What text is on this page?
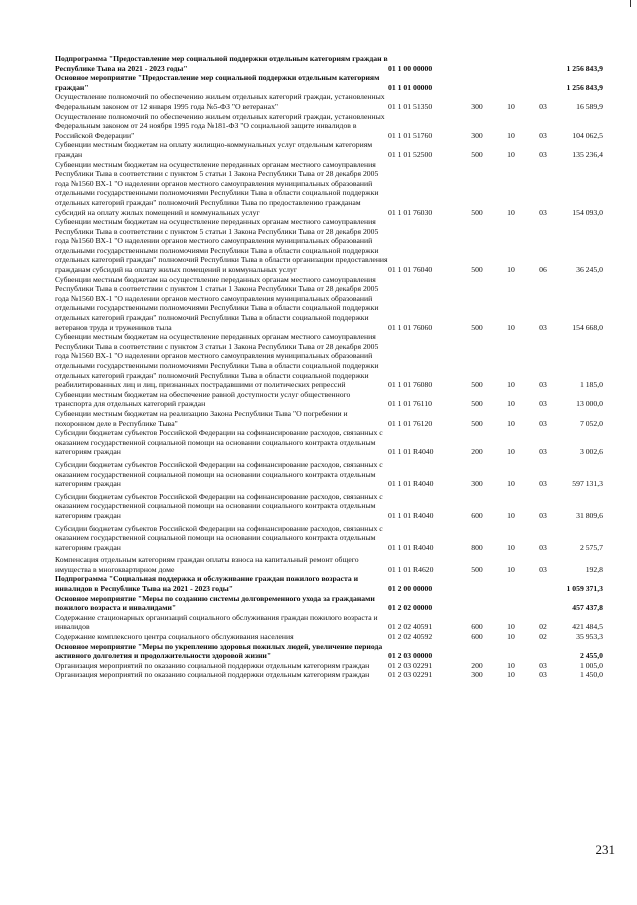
Подпрограмма "Предоставление мер социальной поддержки отдельным категориям граждан в Республике Тыва на 2021 - 2023 годы"	01 1 00 00000				1 256 843,9
Основное мероприятие "Предоставление мер социальной поддержки отдельным категориям граждан"	01 1 01 00000				1 256 843,9
Осуществление полномочий по обеспечению жильем отдельных категорий граждан, установленных Федеральным законом от 12 января 1995 года №5-ФЗ "О ветеранах"	01 1 01 51350	300	10	03	16 589,9
Осуществление полномочий по обеспечению жильем отдельных категорий граждан, установленных Федеральным законом от 24 ноября 1995 года №181-ФЗ "О социальной защите инвалидов в Российской Федерации"	01 1 01 51760	300	10	03	104 062,5
Субвенции местным бюджетам на оплату жилищно-коммунальных услуг отдельным категориям граждан	01 1 01 52500	500	10	03	135 236,4
Субвенции местным бюджетам на осуществление переданных органам местного самоуправления Республики Тыва в соответствии с пунктом 5 статьи 1 Закона Республики Тыва от 28 декабря 2005 года №1560 ВХ-1 "О наделении органов местного самоуправления муниципальных образований отдельными государственными полномочиями Республики Тыва в области социальной поддержки отдельных категорий граждан" полномочий Республики Тыва по предоставлению гражданам субсидий на оплату жилых помещений и коммунальных услуг	01 1 01 76030	500	10	03	154 093,0
Субвенции местным бюджетам на осуществление переданных органам местного самоуправления Республики Тыва в соответствии с пунктом 5 статьи 1 Закона Республики Тыва от 28 декабря 2005 года №1560 ВХ-1 "О наделении органов местного самоуправления муниципальных образований отдельными государственными полномочиями Республики Тыва в области социальной поддержки отдельных категорий граждан" полномочий Республики Тыва в области организации предоставления гражданам субсидий на оплату жилых помещений и коммунальных услуг	01 1 01 76040	500	10	06	36 245,0
Субвенции местным бюджетам на осуществление переданных органам местного самоуправления Республики Тыва в соответствии с пунктом 1 статьи 1 Закона Республики Тыва от 28 декабря 2005 года №1560 ВХ-1 "О наделении органов местного самоуправления муниципальных образований отдельными государственными полномочиями Республики Тыва в области социальной поддержки отдельных категорий граждан" полномочий Республики Тыва в области социальной поддержки ветеранов труда и тружеников тыла	01 1 01 76060	500	10	03	154 668,0
Субвенции местным бюджетам на осуществление переданных органам местного самоуправления Республики Тыва в соответствии с пунктом 3 статьи 1 Закона Республики Тыва от 28 декабря 2005 года №1560 ВХ-1 "О наделении органов местного самоуправления муниципальных образований отдельными государственными полномочиями Республики Тыва в области социальной поддержки отдельных категорий граждан" полномочий Республики Тыва в области социальной поддержки реабилитированных лиц и лиц, признанных пострадавшими от политических репрессий	01 1 01 76080	500	10	03	1 185,0
Субвенции местным бюджетам на обеспечение равной доступности услуг общественного транспорта для отдельных категорий граждан	01 1 01 76110	500	10	03	13 000,0
Субвенции местным бюджетам на реализацию Закона Республики Тыва "О погребении и похоронном деле в Республике Тыва"	01 1 01 76120	500	10	03	7 052,0
Субсидии бюджетам субъектов Российской Федерации на софинансирование расходов, связанных с оказанием государственной социальной помощи на основании социального контракта отдельным категориям граждан	01 1 01 R4040	200	10	03	3 002,6
Субсидии бюджетам субъектов Российской Федерации на софинансирование расходов, связанных с оказанием государственной социальной помощи на основании социального контракта отдельным категориям граждан	01 1 01 R4040	300	10	03	597 131,3
Субсидии бюджетам субъектов Российской Федерации на софинансирование расходов, связанных с оказанием государственной социальной помощи на основании социального контракта отдельным категориям граждан	01 1 01 R4040	600	10	03	31 809,6
Субсидии бюджетам субъектов Российской Федерации на софинансирование расходов, связанных с оказанием государственной социальной помощи на основании социального контракта отдельным категориям граждан	01 1 01 R4040	800	10	03	2 575,7
Компенсация отдельным категориям граждан оплаты взноса на капитальный ремонт общего имущества в многоквартирном доме	01 1 01 R4620	500	10	03	192,8
Подпрограмма "Социальная поддержка и обслуживание граждан пожилого возраста и инвалидов в Республике Тыва на 2021 - 2023 годы"	01 2 00 00000				1 059 371,3
Основное мероприятие "Меры по созданию системы долговременного ухода за гражданами пожилого возраста и инвалидами"	01 2 02 00000				457 437,8
Содержание стационарных организаций социального обслуживания граждан пожилого возраста и инвалидов	01 2 02 40591	600	10	02	421 484,5
Содержание комплексного центра социального обслуживания населения	01 2 02 40592	600	10	02	35 953,3
Основное мероприятие "Меры по укреплению здоровья пожилых людей, увеличение периода активного долголетия и продолжительности здоровой жизни"	01 2 03 00000				2 455,0
Организация мероприятий по оказанию социальной поддержки отдельным категориям граждан	01 2 03 02291	200	10	03	1 005,0
Организация мероприятий по оказанию социальной поддержки отдельным категориям граждан	01 2 03 02291	300	10	03	1 450,0
231
